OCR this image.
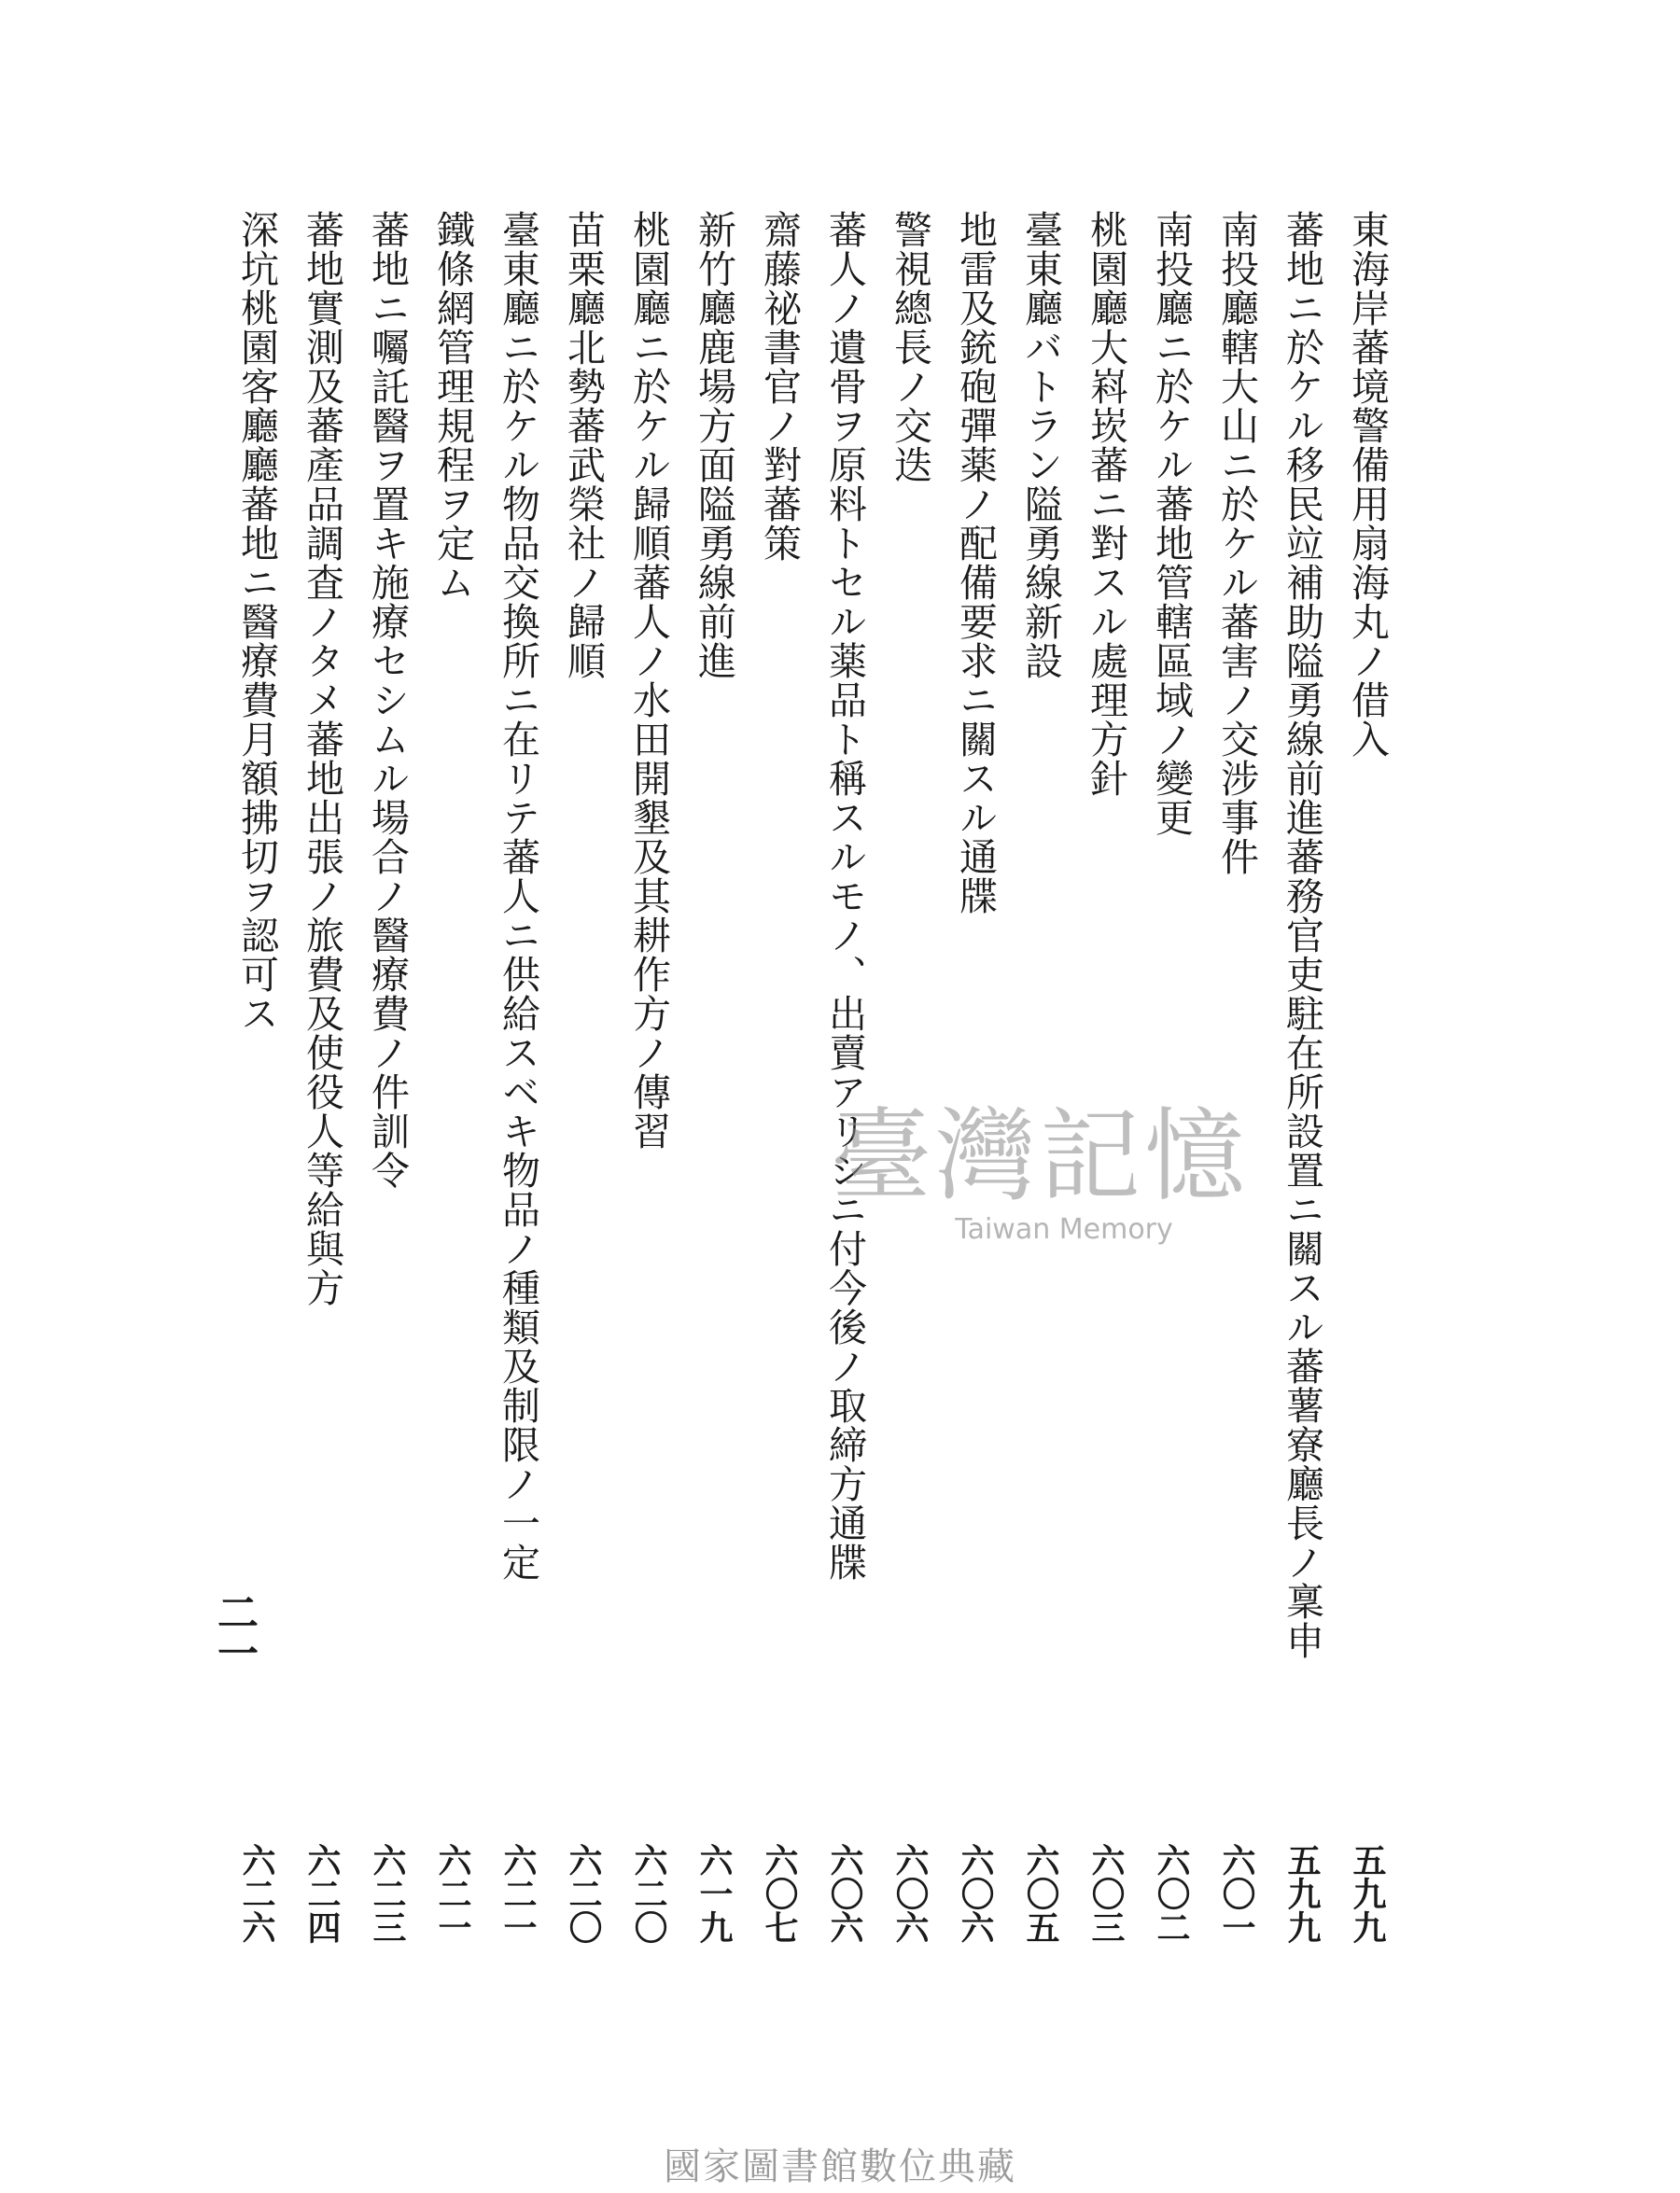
東海岸蕃境警備用扇海丸ノ借入
五九九
蕃地ニ於ケル移民竝補助隘勇線前進蕃務官吏駐在所設置ニ關スル蕃薯寮廳長ノ稟申
五九九
南投廳轄大山ニ於ケル蕃害ノ交涉事件
六〇一
南投廳ニ於ケル蕃地管轄區域ノ變更
六〇二
桃園廳大嵙崁蕃ニ對スル處理方針
六〇三
臺東廳バトラン隘勇線新設
六〇五
地雷及銃砲彈薬ノ配備要求ニ關スル通牒
六〇六
警視總長ノ交迭
六〇六
蕃人ノ遺骨ヲ原料トセル薬品ト稱スルモノ、出賣アリシニ付今後ノ取締方通牒
六〇六
齋藤祕書官ノ對蕃策
六〇七
新竹廳鹿場方面隘勇線前進
六一九
桃園廳ニ於ケル歸順蕃人ノ水田開墾及其耕作方ノ傳習
六二〇
苗栗廳北勢蕃武榮社ノ歸順
六二〇
臺東廳ニ於ケル物品交換所ニ在リテ蕃人ニ供給スベキ物品ノ種類及制限ノ一定
六二一
鐵條網管理規程ヲ定ム
六二一
蕃地ニ囑託醫ヲ置キ施療セシムル場合ノ醫療費ノ件訓令
六二三
蕃地實測及蕃產品調査ノタメ蕃地出張ノ旅費及使役人等給與方
六二四
深坑桃園客廳廳蕃地ニ醫療費月額拂切ヲ認可ス
六二六
二一
臺灣記憶
Taiwan Memory
國家圖書館數位典藏
